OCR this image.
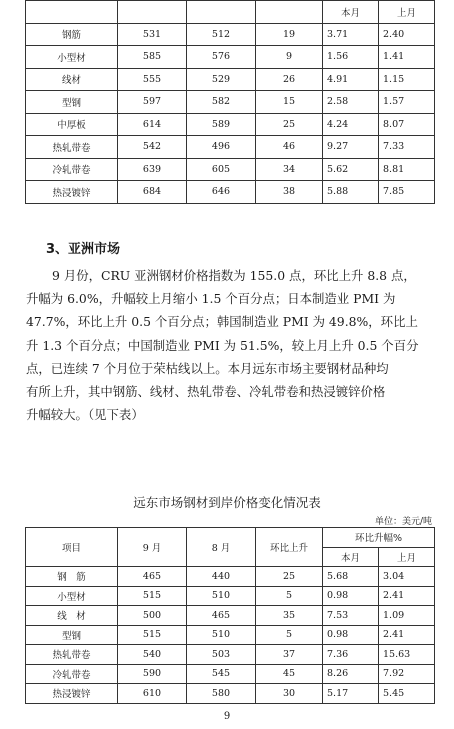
				本月	上月
钢筋	531	512	19	3.71	2.40
小型材	585	576	9	1.56	1.41
线材	555	529	26	4.91	1.15
型钢	597	582	15	2.58	1.57
中厚板	614	589	25	4.24	8.07
热轧带卷	542	496	46	9.27	7.33
冷轧带卷	639	605	34	5.62	8.81
热浸镀锌	684	646	38	5.88	7.85
3、亚洲市场
9 月份，CRU 亚洲钢材价格指数为 155.0 点，环比上升 8.8 点，
升幅为 6.0%，升幅较上月缩小 1.5 个百分点；日本制造业 PMI 为
47.7%，环比上升 0.5 个百分点；韩国制造业 PMI 为 49.8%，环比上
升 1.3 个百分点；中国制造业 PMI 为 51.5%，较上月上升 0.5 个百分
点，已连续 7 个月位于荣枯线以上。本月远东市场主要钢材品种均
有所上升，其中钢筋、线材、热轧带卷、冷轧带卷和热浸镀锌价格
升幅较大。（见下表）
远东市场钢材到岸价格变化情况表
单位：美元/吨
项目	9 月	8 月	环比上升	环比升幅%	
				本月	上月
钢　筋	465	440	25	5.68	3.04
小型材	515	510	5	0.98	2.41
线　材	500	465	35	7.53	1.09
型钢	515	510	5	0.98	2.41
热轧带卷	540	503	37	7.36	15.63
冷轧带卷	590	545	45	8.26	7.92
热浸镀锌	610	580	30	5.17	5.45
9
